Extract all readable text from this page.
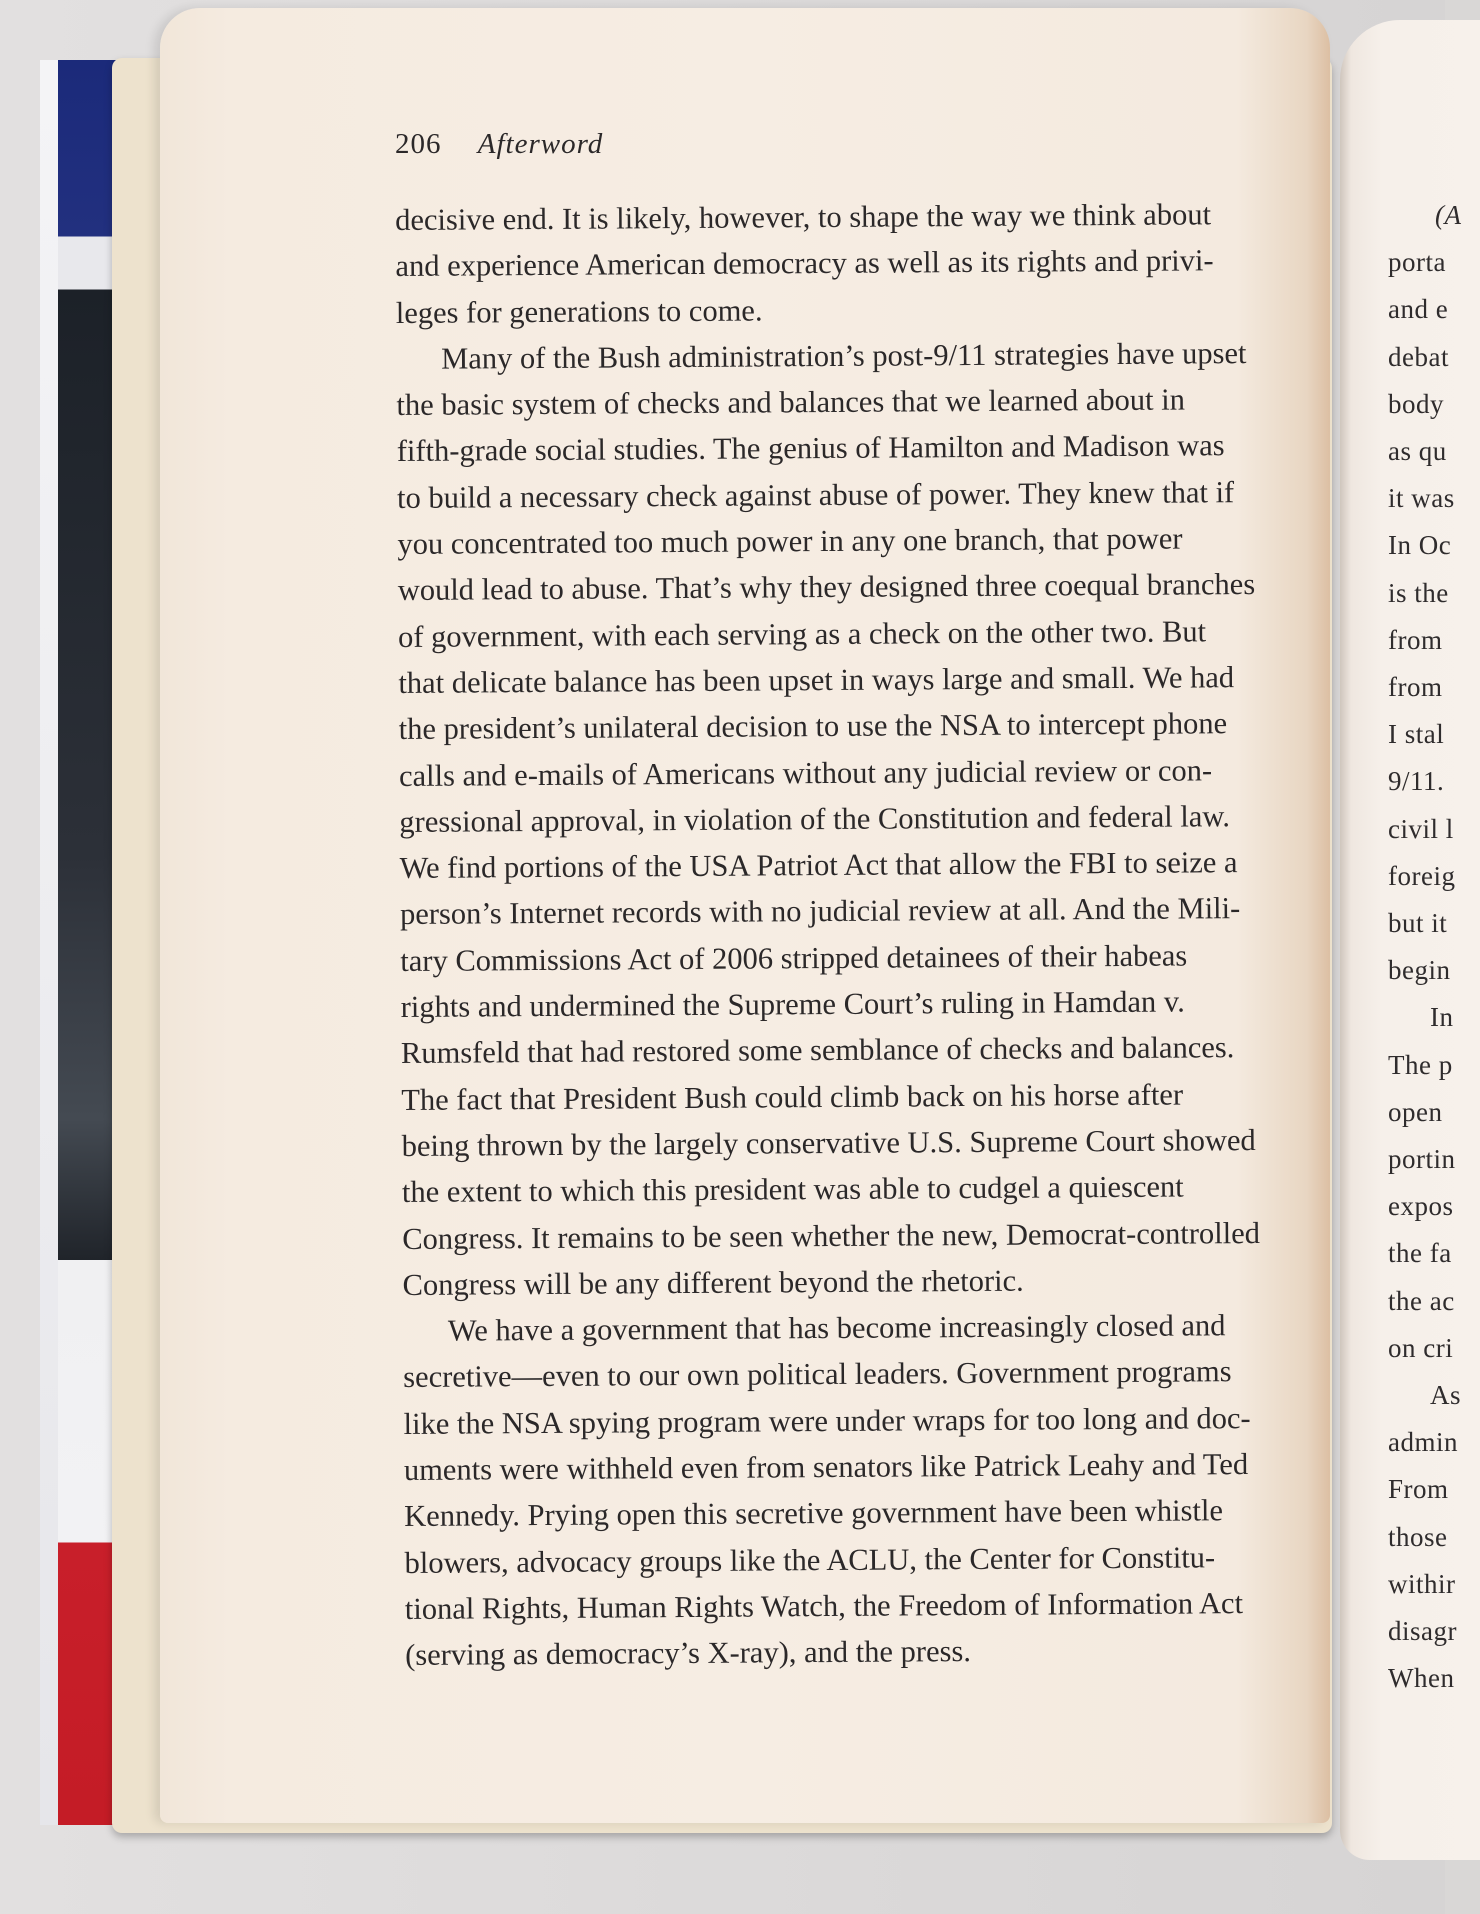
(A
porta
and e
debat
body
as qu
it was
In Oc
is the
from
from
I stal
9/11.
civil l
foreig
but it
begin
In
The p
open
portin
expos
the fa
the ac
on cri
As
admin
From
those
withir
disagr
When
206 Afterword
decisive end. It is likely, however, to shape the way we think about
and experience American democracy as well as its rights and privi-
leges for generations to come.
Many of the Bush administration’s post-9/11 strategies have upset
the basic system of checks and balances that we learned about in
fifth-grade social studies. The genius of Hamilton and Madison was
to build a necessary check against abuse of power. They knew that if
you concentrated too much power in any one branch, that power
would lead to abuse. That’s why they designed three coequal branches
of government, with each serving as a check on the other two. But
that delicate balance has been upset in ways large and small. We had
the president’s unilateral decision to use the NSA to intercept phone
calls and e-mails of Americans without any judicial review or con-
gressional approval, in violation of the Constitution and federal law.
We find portions of the USA Patriot Act that allow the FBI to seize a
person’s Internet records with no judicial review at all. And the Mili-
tary Commissions Act of 2006 stripped detainees of their habeas
rights and undermined the Supreme Court’s ruling in Hamdan v.
Rumsfeld that had restored some semblance of checks and balances.
The fact that President Bush could climb back on his horse after
being thrown by the largely conservative U.S. Supreme Court showed
the extent to which this president was able to cudgel a quiescent
Congress. It remains to be seen whether the new, Democrat-controlled
Congress will be any different beyond the rhetoric.
We have a government that has become increasingly closed and
secretive—even to our own political leaders. Government programs
like the NSA spying program were under wraps for too long and doc-
uments were withheld even from senators like Patrick Leahy and Ted
Kennedy. Prying open this secretive government have been whistle
blowers, advocacy groups like the ACLU, the Center for Constitu-
tional Rights, Human Rights Watch, the Freedom of Information Act
(serving as democracy’s X-ray), and the press.
